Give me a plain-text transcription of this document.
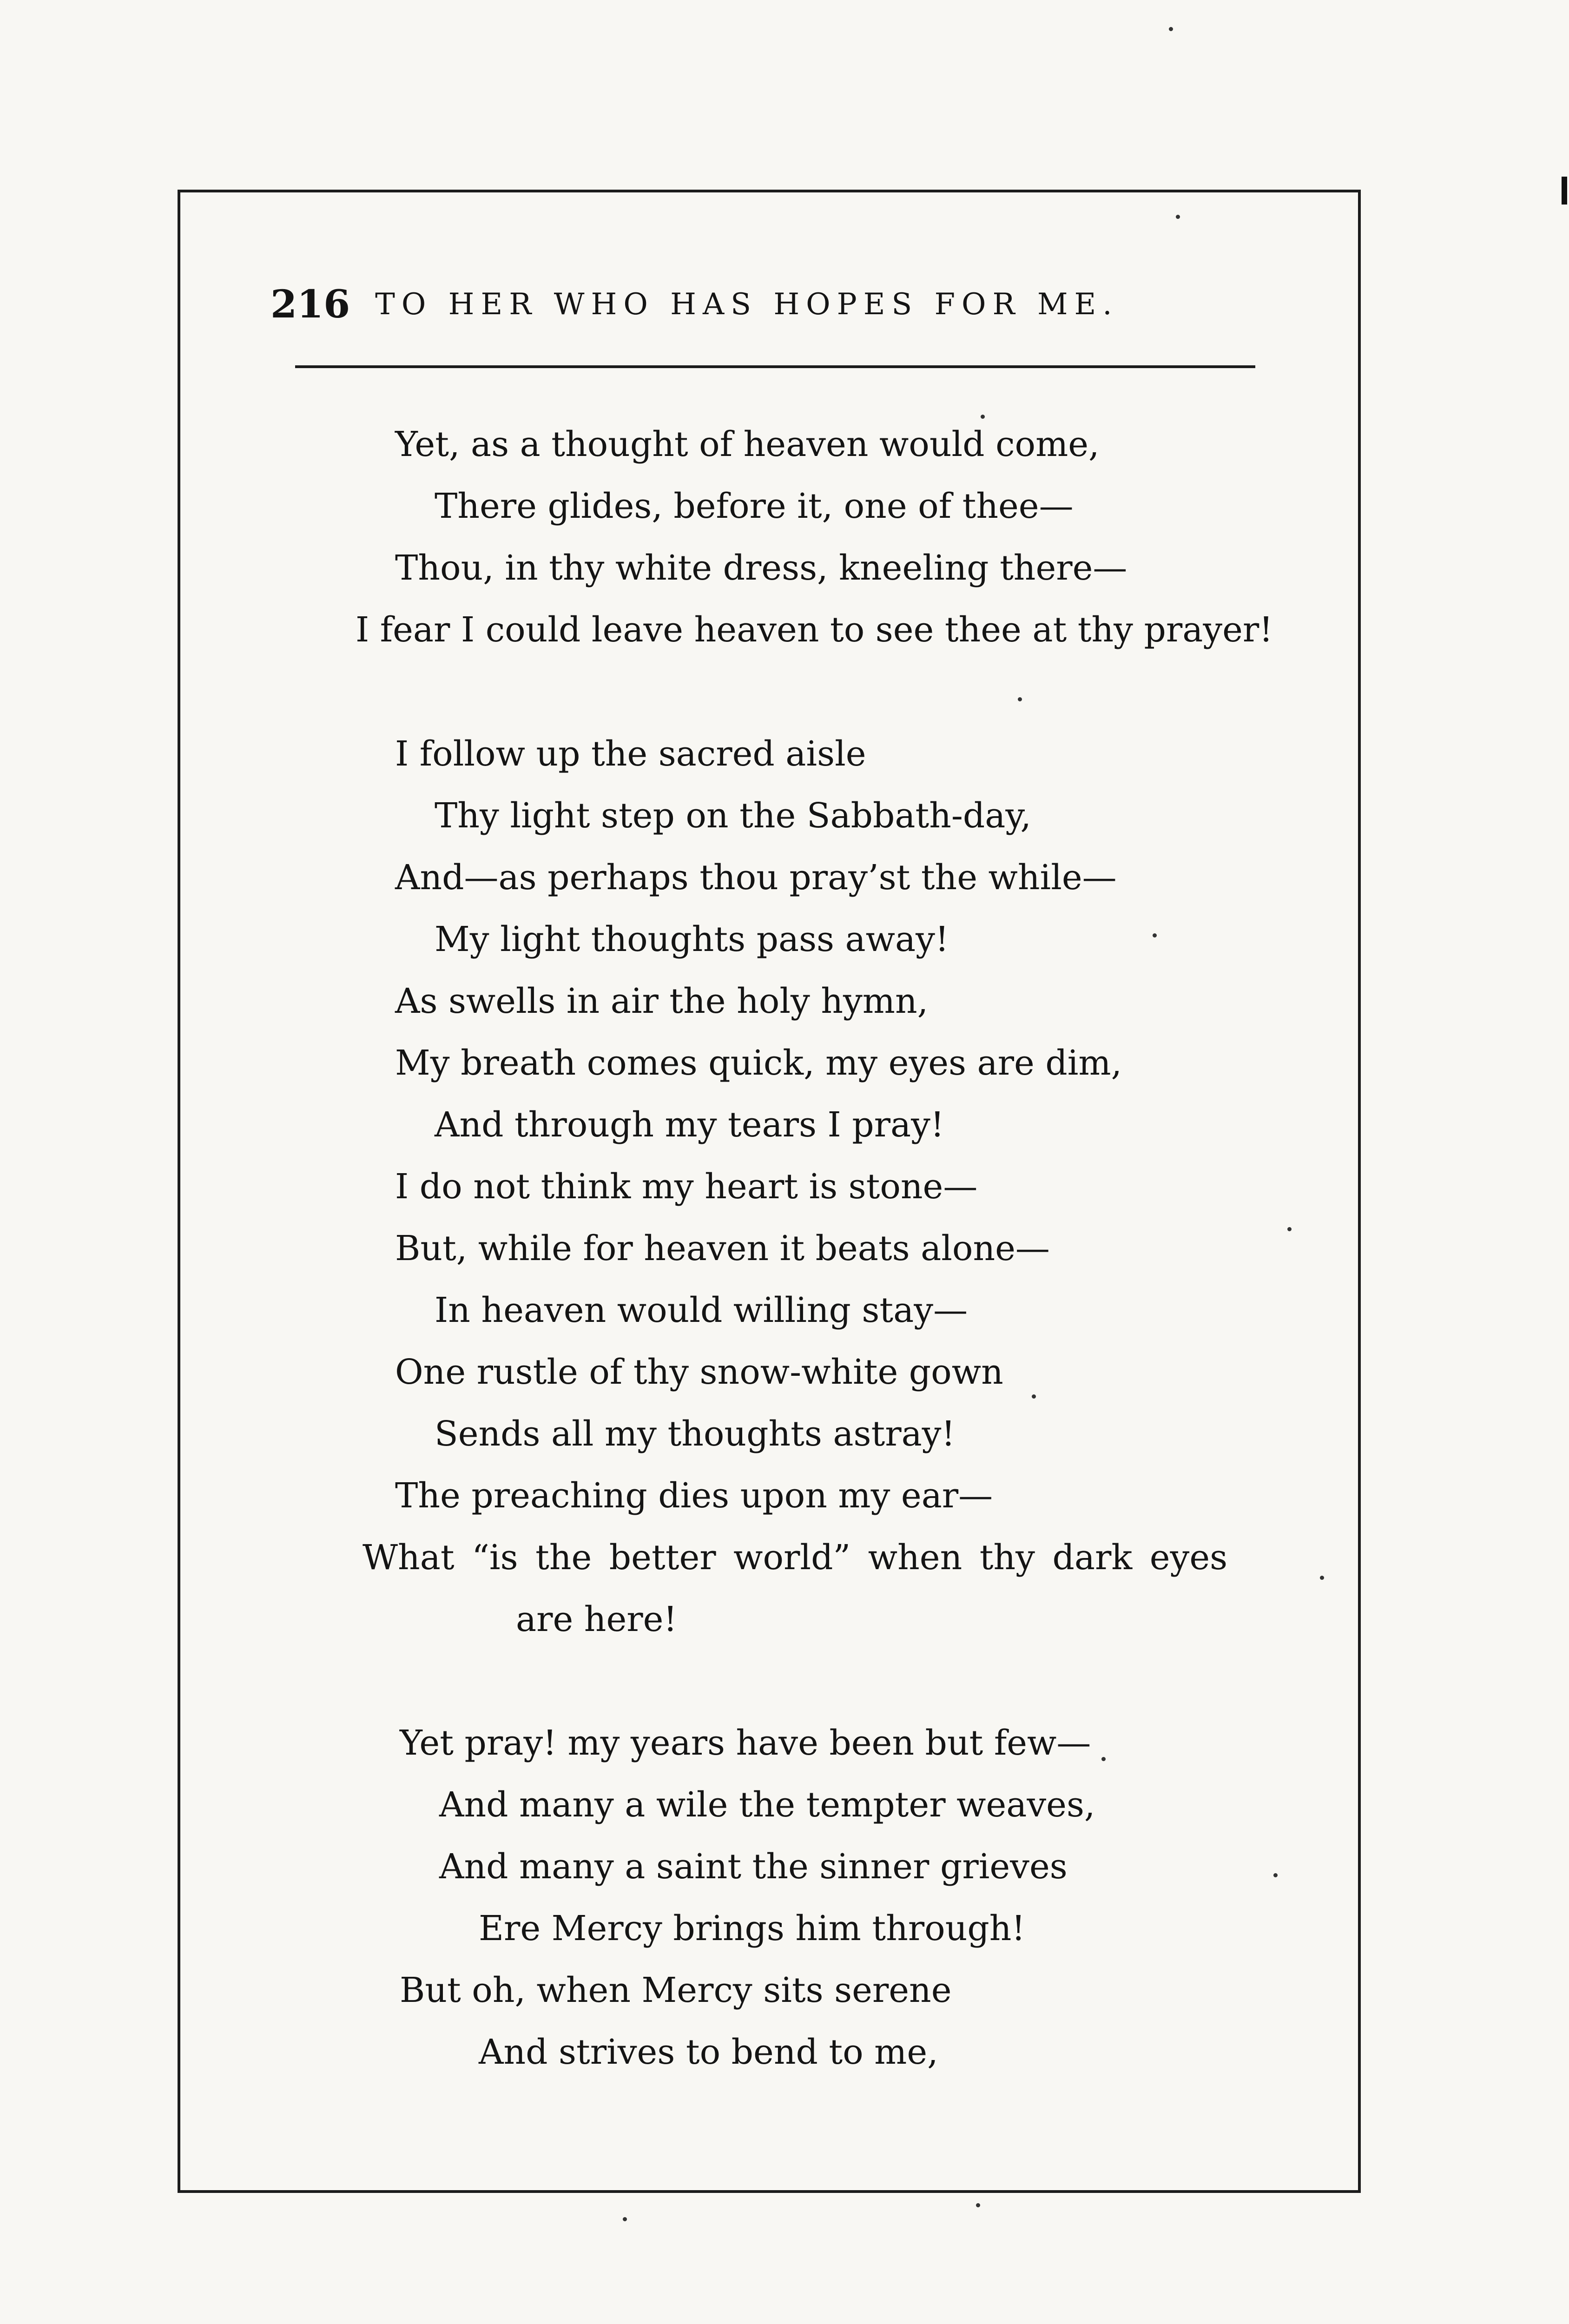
216 TO HER WHO HAS HOPES FOR ME.
Yet, as a thought of heaven would come,
There glides, before it, one of thee—
Thou, in thy white dress, kneeling there—
I fear I could leave heaven to see thee at thy prayer!
I follow up the sacred aisle
Thy light step on the Sabbath-day,
And—as perhaps thou pray’st the while—
My light thoughts pass away!
As swells in air the holy hymn,
My breath comes quick, my eyes are dim,
And through my tears I pray!
I do not think my heart is stone—
But, while for heaven it beats alone—
In heaven would willing stay—
One rustle of thy snow-white gown
Sends all my thoughts astray!
The preaching dies upon my ear—
What “is the better world” when thy dark eyes
are here!
Yet pray! my years have been but few—
And many a wile the tempter weaves,
And many a saint the sinner grieves
Ere Mercy brings him through!
But oh, when Mercy sits serene
And strives to bend to me,
